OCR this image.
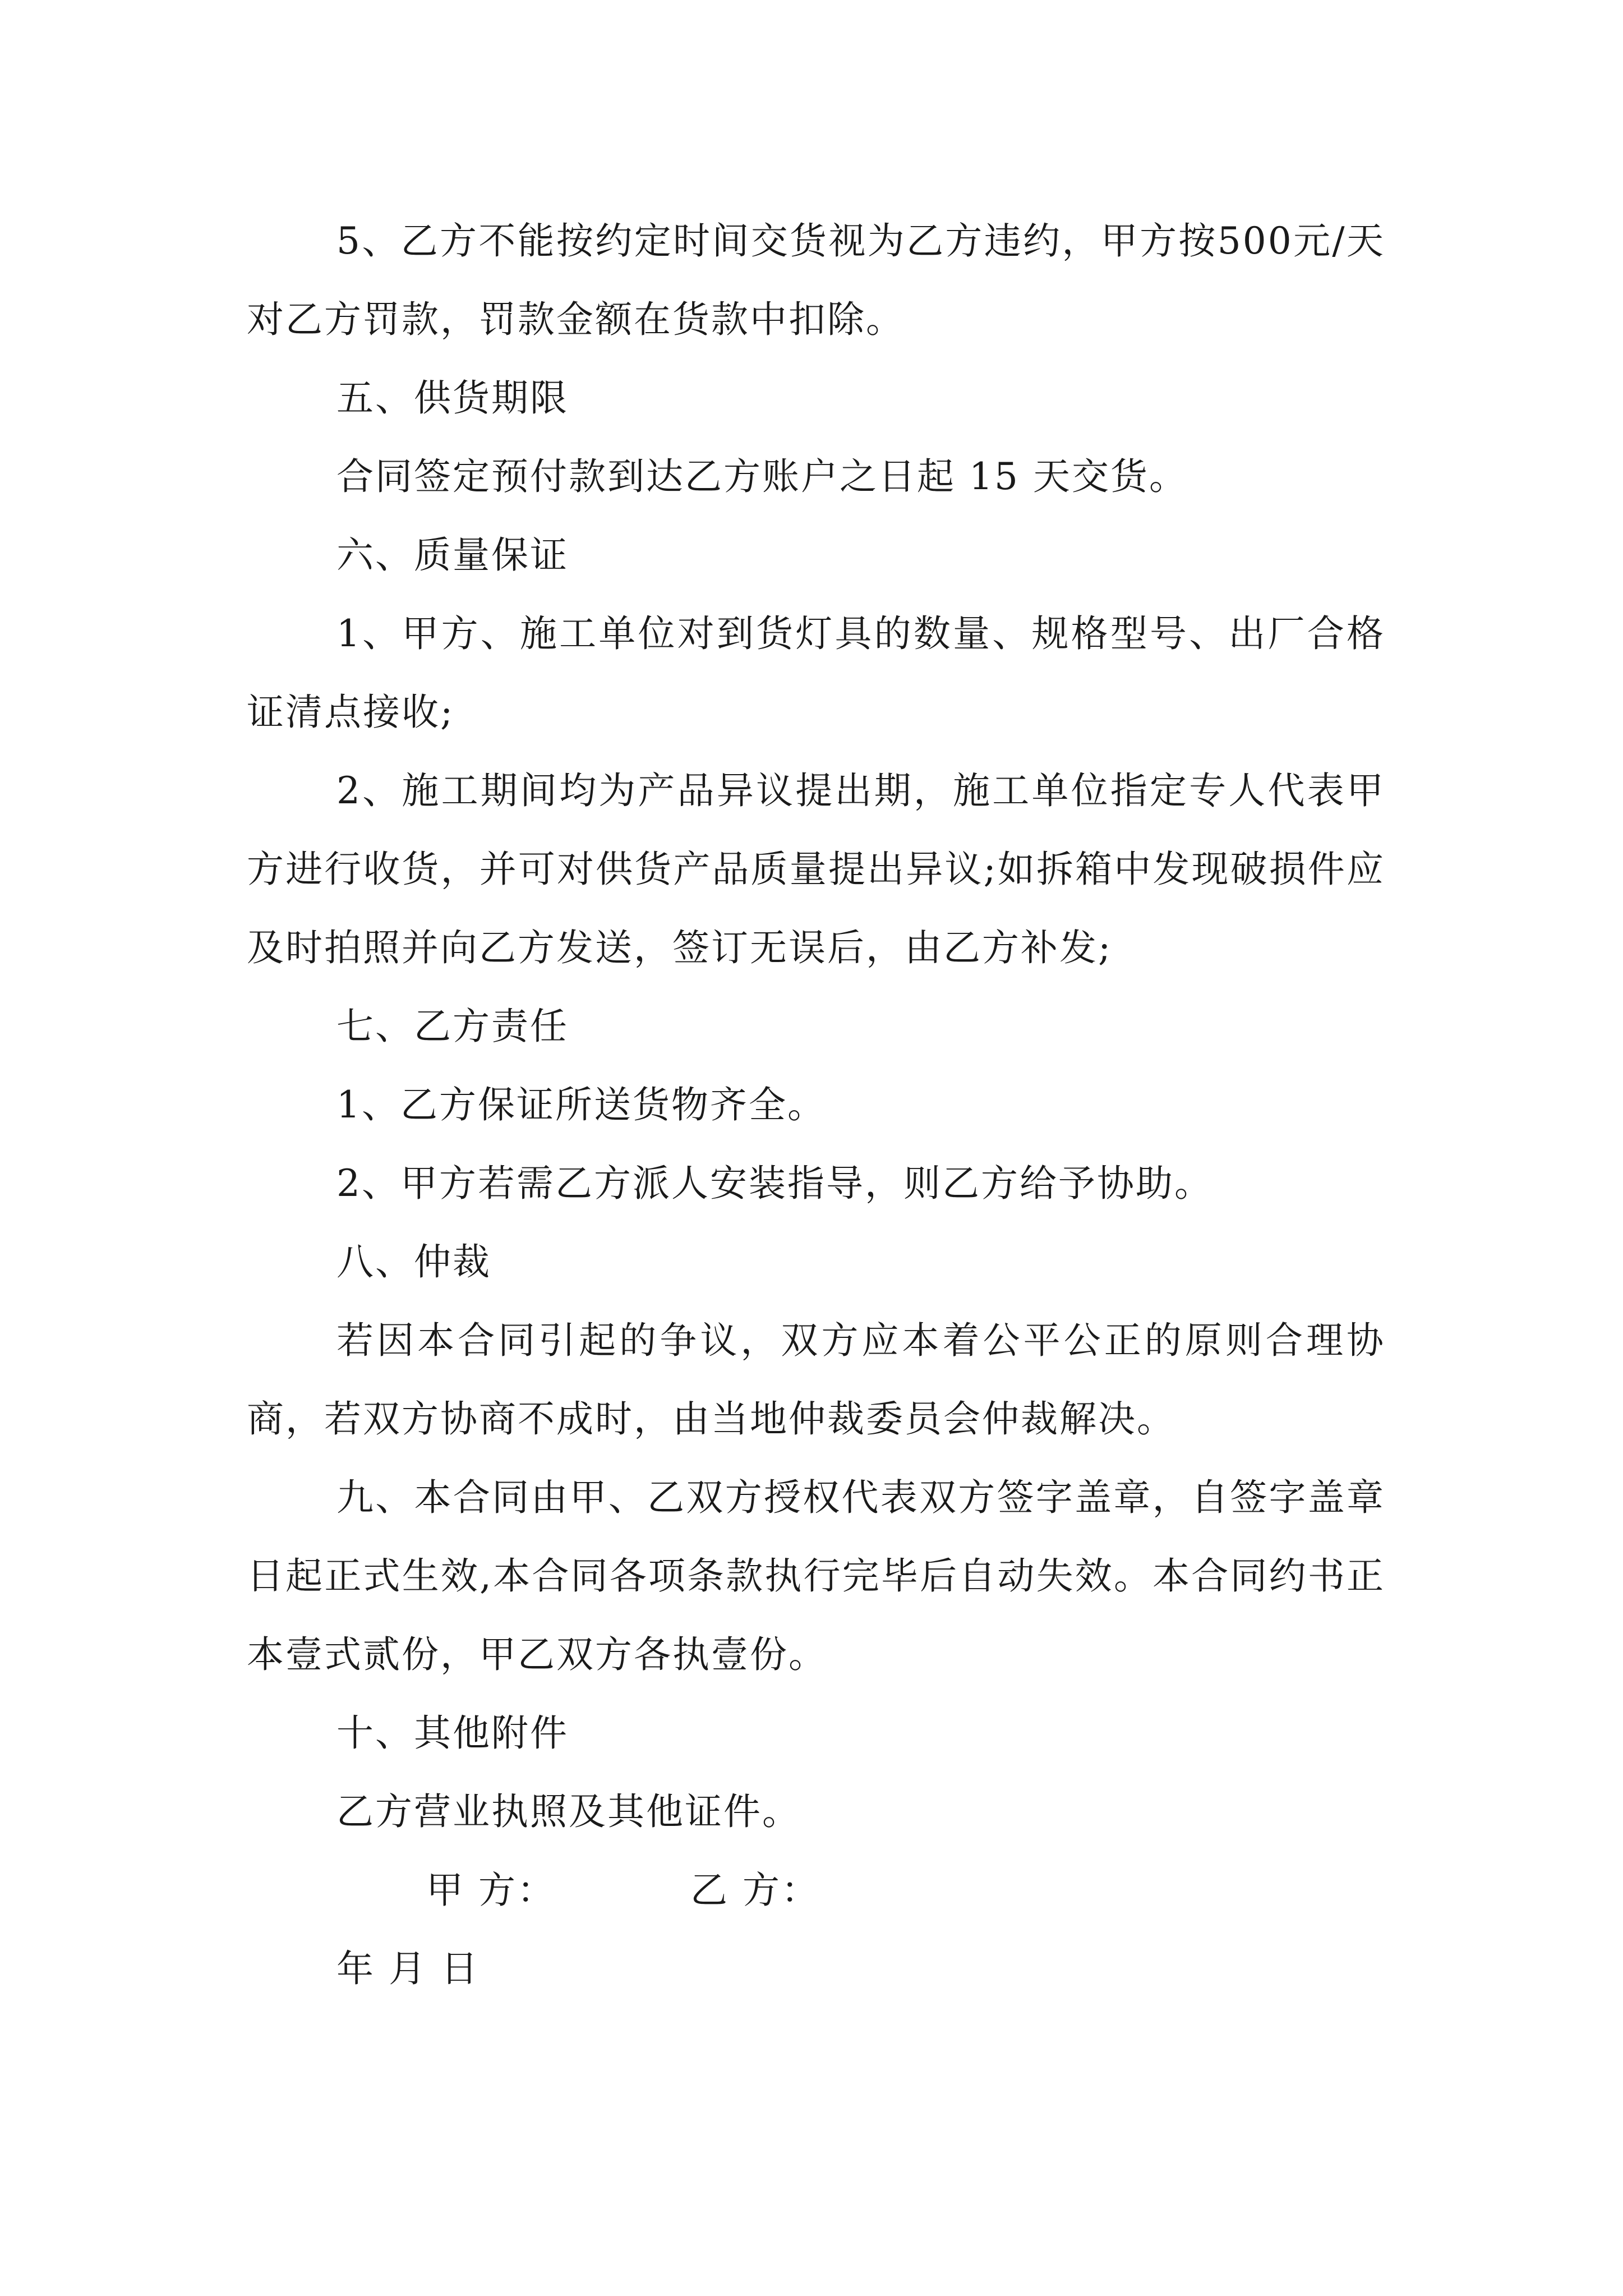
5、乙方不能按约定时间交货视为乙方违约，甲方按500元/天对乙方罚款，罚款金额在货款中扣除。

五、供货期限

合同签定预付款到达乙方账户之日起 15 天交货。

六、质量保证

1、甲方、施工单位对到货灯具的数量、规格型号、出厂合格证清点接收;

2、施工期间均为产品异议提出期，施工单位指定专人代表甲方进行收货，并可对供货产品质量提出异议;如拆箱中发现破损件应及时拍照并向乙方发送，签订无误后，由乙方补发;

七、乙方责任

1、乙方保证所送货物齐全。

2、甲方若需乙方派人安装指导，则乙方给予协助。

八、仲裁

若因本合同引起的争议，双方应本着公平公正的原则合理协商，若双方协商不成时，由当地仲裁委员会仲裁解决。

九、本合同由甲、乙双方授权代表双方签字盖章，自签字盖章日起正式生效,本合同各项条款执行完毕后自动失效。本合同约书正本壹式贰份，甲乙双方各执壹份。

十、其他附件

乙方营业执照及其他证件。

甲 方：	乙 方：

年 月 日
